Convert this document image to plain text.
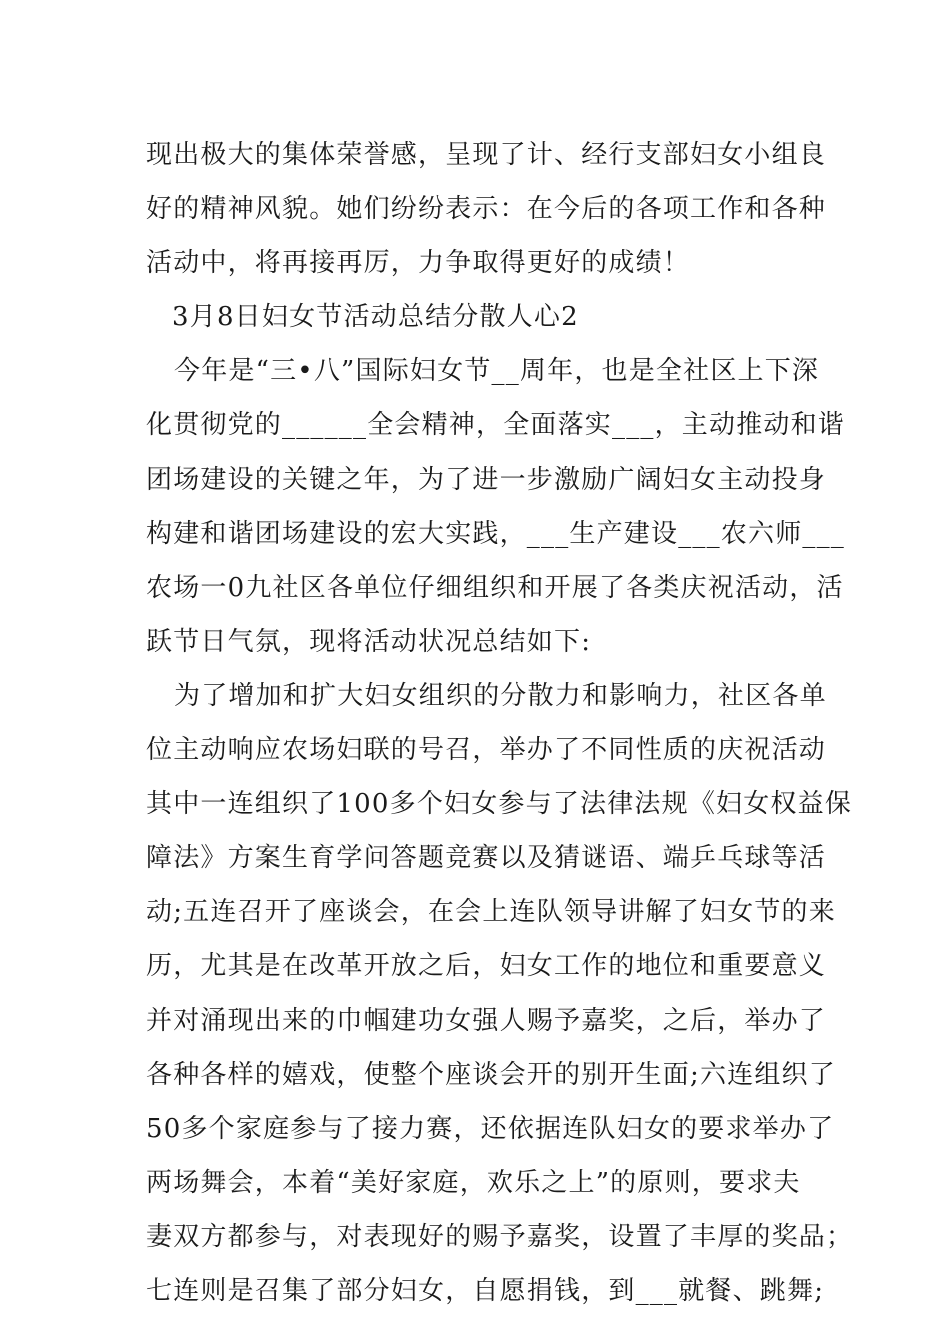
现出极大的集体荣誉感，呈现了计、经行支部妇女小组良
好的精神风貌。她们纷纷表示：在今后的各项工作和各种
活动中，将再接再厉，力争取得更好的成绩！
3月8日妇女节活动总结分散人心2
今年是“三•八”国际妇女节__周年，也是全社区上下深
化贯彻党的______全会精神，全面落实___，主动推动和谐
团场建设的关键之年，为了进一步激励广阔妇女主动投身
构建和谐团场建设的宏大实践，___生产建设___农六师___
农场一0九社区各单位仔细组织和开展了各类庆祝活动，活
跃节日气氛，现将活动状况总结如下:
为了增加和扩大妇女组织的分散力和影响力，社区各单
位主动响应农场妇联的号召，举办了不同性质的庆祝活动
其中一连组织了100多个妇女参与了法律法规《妇女权益保
障法》方案生育学问答题竞赛以及猜谜语、端乒乓球等活
动;五连召开了座谈会，在会上连队领导讲解了妇女节的来
历，尤其是在改革开放之后，妇女工作的地位和重要意义
并对涌现出来的巾帼建功女强人赐予嘉奖，之后，举办了
各种各样的嬉戏，使整个座谈会开的别开生面;六连组织了
50多个家庭参与了接力赛，还依据连队妇女的要求举办了
两场舞会，本着“美好家庭，欢乐之上”的原则，要求夫
妻双方都参与，对表现好的赐予嘉奖，设置了丰厚的奖品；
七连则是召集了部分妇女，自愿捐钱，到___就餐、跳舞;
